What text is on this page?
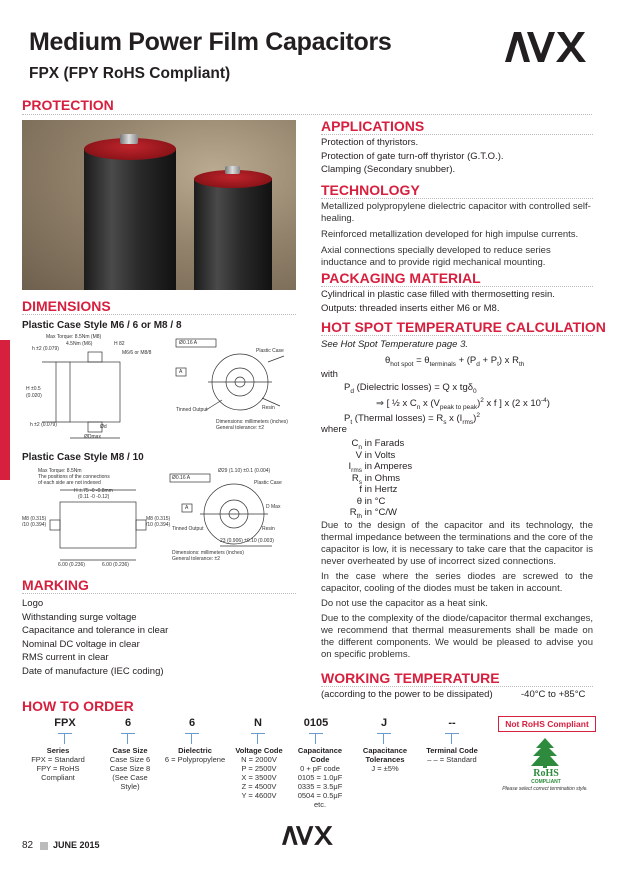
Medium Power Film Capacitors
FPX (FPY RoHS Compliant)
PROTECTION
DIMENSIONS
Plastic Case Style M6 / 6 or M8 / 8
Max Torque: 8.5Nm (M8)
4.5Nm (M6)	H 82
h ±2 (0.079)
M6/6 or M8/8
H ±0.5
(0.020)
h ±2 (0.079)	Ød
ØDmax
Ø0.16 A
A
Plastic Case
Tinned Output	Resin
Dimensions: millimeters (inches)
General tolerance: ±2
Plastic Case Style M8 / 10
Max Torque: 8.5Nm
The positions of the connections
of each side are not indexed
H ±.75 -0 -0.8mm
(0.11 -0 -0.12)
M8 (0.315)
/10 (0.394)
M8 (0.315)
/10 (0.394)
6.00 (0.236)	6.00 (0.236)
Ø0.16 A
A
Ø29 (1.10) ±0.1 (0.004)
Plastic Case
D Max
Tinned Output	Resin
23 (0.906) ±0.10 (0.003)
Dimensions: millimeters (inches)
General tolerance: ±2
MARKING
Logo
Withstanding surge voltage
Capacitance and tolerance in clear
Nominal DC voltage in clear
RMS current in clear
Date of manufacture (IEC coding)
APPLICATIONS
Protection of thyristors.
Protection of gate turn-off thyristor (G.T.O.).
Clamping (Secondary snubber).
TECHNOLOGY
Metallized polypropylene dielectric capacitor with controlled self-healing.
Reinforced metallization developed for high impulse currents.
Axial connections specially developed to reduce series inductance and to provide rigid mechanical mounting.
PACKAGING MATERIAL
Cylindrical in plastic case filled with thermosetting resin.
Outputs: threaded inserts either M6 or M8.
HOT SPOT TEMPERATURE CALCULATION
See Hot Spot Temperature page 3.
$\theta_{hot spot} = \theta_{terminals} + (P_d + P_t)$ x $R_{th}$
with
$P_d$ (Dielectric losses) = Q x tgδ$_0$
⇒ [ ½ x $C_n$ x $(V_{peak to peak})^2$ x f ] x (2 x $10^{-4}$)
$P_t$ (Thermal losses) = $R_s$ x $(I_{rms})^2$
where
$C_n$ in Farads
V in Volts
$I_{rms}$ in Amperes
$R_s$ in Ohms
f in Hertz
θ in °C
$R_{th}$ in °C/W
Due to the design of the capacitor and its technology, the thermal impedance between the terminations and the core of the capacitor is low, it is necessary to take care that the capacitor is never overheated by use of incorrect sized connections.
In the case where the series diodes are screwed to the capacitor, cooling of the diodes must be taken in account.
Do not use the capacitor as a heat sink.
Due to the complexity of the diode/capacitor thermal exchanges, we recommend that thermal measurements shall be made on the different components. We would be pleased to advise you on specific problems.
WORKING TEMPERATURE
(according to the power to be dissipated)	-40°C to +85°C
HOW TO ORDER
FPX	6	6	N	0105	J	--
Series
FPX = Standard
FPY = RoHS
Compliant
Case Size
Case Size 6
Case Size 8
(See Case
Style)
Dielectric
6 = Polypropylene
Voltage Code
N = 2000V
P = 2500V
X = 3500V
Z = 4500V
Y = 4600V
Capacitance Code
0 + pF code
0105 = 1.0μF
0335 = 3.5μF
0504 = 0.5μF
etc.
Capacitance Tolerances
J = ±5%
Terminal Code
– – = Standard
Not RoHS Compliant
RoHS
COMPLIANT
Please select correct termination style.
82 JUNE 2015
